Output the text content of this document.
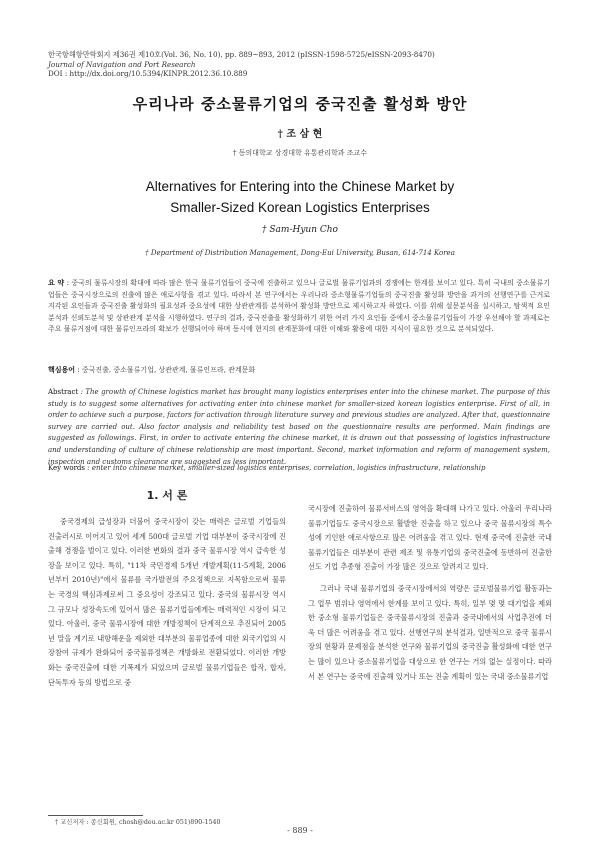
한국항해항만학회지 제36권 제10호(Vol. 36, No. 10), pp. 889~893, 2012 (pISSN-1598-5725/eISSN-2093-8470)
Journal of Navigation and Port Research
DOI : http://dx.doi.org/10.5394/KINPR.2012.36.10.889
우리나라 중소물류기업의 중국진출 활성화 방안
† 조 삼 현
† 동의대학교 상경대학 유통관리학과 조교수
Alternatives for Entering into the Chinese Market by
Smaller-Sized Korean Logistics Enterprises
† Sam-Hyun Cho
† Department of Distribution Management, Dong-Eui University, Busan, 614-714 Korea
요 약 : 중국의 물류시장의 확대에 따라 많은 한국 물류기업들이 중국에 진출하고 있으나 글로벌 물류기업과의 경쟁에는 한계를 보이고 있다. 특히 국내의 중소물류기업들은 중국시장으로의 진출에 많은 애로사항을 겪고 있다. 따라서 본 연구에서는 우리나라 중소형물류기업들의 중국진출 활성화 방안을 과거의 선행연구를 근거로 지각된 요인들과 중국진출 활성화의 필요성과 중요성에 대한 상관관계를 분석하여 활성화 방안으로 제시하고자 하였다. 이를 위해 설문분석을 실시하고, 탐색적 요인분석과 신뢰도분석 및 상관관계 분석을 시행하였다. 연구의 결과, 중국진출을 활성화하기 위한 여러 가지 요인들 중에서 중소물류기업들이 가장 우선해야 할 과제로는 주요 물류거점에 대한 물류인프라의 확보가 선행되어야 하며 동시에 현지의 관계문화에 대한 이해와 활용에 대한 지식이 필요한 것으로 분석되었다.
핵심용어 : 중국진출, 중소물류기업, 상관관계, 물류인프라, 관계문화
Abstract : The growth of Chinese logistics market has brought many logistics enterprises enter into the chinese market. The purpose of this study is to suggest some alternatives for activating enter into chinese market for smaller-sized korean logistics enterprise. First of all, in order to achieve such a purpose, factors for activation through literature survey and previous studies are analyzed. After that, questionnaire survey are carried out. Also factor analysis and reliability test based on the questionnaire results are performed. Main findings are suggested as followings. First, in order to activate entering the chinese market, it is drawn out that possessing of logistics infrastructure and understanding of culture of chinese relationship are most important. Second, market information and reform of management system, inspection and customs clearance are suggested as less important.
Key words : enter into chinese market, smaller-sized logistics enterprises, correlation, logistics infrastructure, relationship
1. 서 론

중국경제의 급성장과 더불어 중국시장이 갖는 매력은 글로벌 기업들의 진출러시로 이어지고 있어 세계 500대 글로벌 기업 대부분이 중국시장에 진출해 경쟁을 벌이고 있다. 이러한 변화의 결과 중국 물류시장 역시 급속한 성장을 보이고 있다. 특히, "11차 국민경제 5개년 개발계획(11·5계획, 2006년부터 2010년)"에서 물류를 국가발전의 주요정책으로 지목함으로써 물류는 국경의 핵심과제로써 그 중요성이 강조되고 있다. 중국의 물류시장 역시 그 규모나 성장속도에 있어서 많은 물류기업들에게는 매력적인 시장이 되고 있다. 아울러, 중국 물류시장에 대한 개방정책이 단계적으로 추진되어 2005년 말을 계기로 내항해운을 제외한 대부분의 물류업종에 대한 외국기업의 시장참여 규제가 완화되어 중국물류정책은 개방화로 전환되었다. 이러한 개방화는 중국진출에 대한 기폭제가 되었으며 글로벌 물류기업들은 합작, 합자, 단독투자 등의 방법으로 중

국시장에 진출하여 물류서비스의 영역을 확대해 나가고 있다. 아울러 우리나라 물류기업들도 중국시장으로 활발한 진출을 하고 있으나 중국 물류시장의 특수성에 기인한 애로사항으로 많은 어려움을 겪고 있다. 현재 중국에 진출한 국내 물류기업들은 대부분이 관련 제조 및 유통기업의 중국진출에 동반하여 진출한 선도 기업 추종형 진출이 가장 많은 것으로 알려지고 있다.

그러나 국내 물류기업의 중국시장에서의 역량은 글로벌물류기업 활동과는 그 업무 범위나 영역에서 한계를 보이고 있다. 특히, 일부 몇 몇 대기업을 제외한 중소형 물류기업들은 중국물류시장의 진출과 중국내에서의 사업추진에 더욱 더 많은 어려움을 겪고 있다. 선행연구의 분석결과, 일반적으로 중국 물류시장의 현황과 문제점을 분석한 연구와 물류기업의 중국진출 활성화에 대한 연구는 많이 있으나 중소물류기업을 대상으로 한 연구는 거의 없는 실정이다. 따라서 본 연구는 중국에 진출해 있거나 또는 진출 계획이 있는 국내 중소물류기업

† 교신저자 : 종신회원, chosh@deu.ac.kr 051)890-1540
- 889 -
